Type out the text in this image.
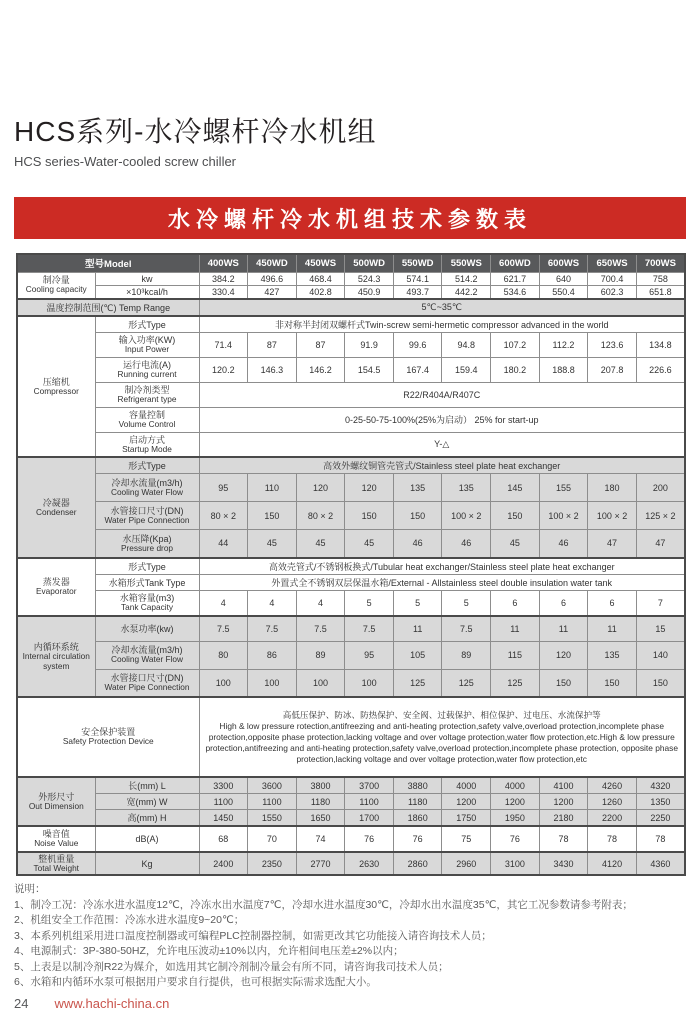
HCS系列-水冷螺杆冷水机组
HCS series-Water-cooled screw chiller
水冷螺杆冷水机组技术参数表
型号Model		400WS	450WD	450WS	500WD	550WD	550WS	600WD	600WS	650WS	700WS

制冷量
Cooling capacity	kw	384.2	496.6	468.4	524.3	574.1	514.2	621.7	640	700.4	758
	×10³kcal/h	330.4	427	402.8	450.9	493.7	442.2	534.6	550.4	602.3	651.8
温度控制范围(℃) Temp Range		5℃~35℃									

压缩机
Compressor	形式Type	非对称半封闭双螺杆式Twin-screw semi-hermetic compressor advanced in the world									

	输入功率(KW)
Input Power	71.4	87	87	91.9	99.6	94.8	107.2	112.2	123.6	134.8

	运行电流(A)
Running current	120.2	146.3	146.2	154.5	167.4	159.4	180.2	188.8	207.8	226.6

	制冷剂类型
Refrigerant type	R22/R404A/R407C									

	容量控制
Volume Control	0-25-50-75-100%(25%为启动） 25% for start-up									

	启动方式
Startup Mode	Y-△									

冷凝器
Condenser	形式Type	高效外螺纹铜管壳管式/Stainless steel plate heat exchanger									

	冷却水流量(m3/h)
Cooling Water Flow	95	110	120	120	135	135	145	155	180	200

	水管接口尺寸(DN)
Water Pipe Connection	80 × 2	150	80 × 2	150	150	100 × 2	150	100 × 2	100 × 2	125 × 2

	水压降(Kpa)
Pressure drop	44	45	45	45	46	46	45	46	47	47

蒸发器
Evaporator	形式Type	高效壳管式/不锈钢板换式/Tubular heat exchanger/Stainless steel plate heat exchanger									
	水箱形式Tank Type	外置式全不锈钢双层保温水箱/External - Allstainless steel double insulation water tank									

	水箱容量(m3)
Tank Capacity	4	4	4	5	5	5	6	6	6	7

内循环系统
Internal circulation system	水泵功率(kw)	7.5	7.5	7.5	7.5	11	7.5	11	11	11	15

	冷却水流量(m3/h)
Cooling Water Flow	80	86	89	95	105	89	115	120	135	140

	水管接口尺寸(DN)
Water Pipe Connection	100	100	100	100	125	125	125	150	150	150

安全保护装置
Safety Protection Device

高低压保护、防冰、防热保护、安全阀、过载保护、相位保护、过电压、水流保护等
High & low pressure rotection,antifreezing and anti-heating protection,safety valve,overload protection,incomplete phase protection,opposite phase protection,lacking voltage and over voltage protection,water flow protection,etc.High & low pressure protection,antifreezing and anti-heating protection,safety valve,overload protection,incomplete phase protection, opposite phase protection,lacking voltage and over voltage protection,water flow protection,etc

外形尺寸
Out Dimension	长(mm) L	3300	3600	3800	3700	3880	4000	4000	4100	4260	4320
	宽(mm) W	1100	1100	1180	1100	1180	1200	1200	1200	1260	1350
	高(mm) H	1450	1550	1650	1700	1860	1750	1950	2180	2200	2250

噪音值
Noise Value	dB(A)	68	70	74	76	76	75	76	78	78	78

整机重量
Total Weight	Kg	2400	2350	2770	2630	2860	2960	3100	3430	4120	4360
说明：
1、制冷工况：冷冻水进水温度12℃，冷冻水出水温度7℃，冷却水进水温度30℃，冷却水出水温度35℃，其它工况参数请参考附表；
2、机组安全工作范围：冷冻水进水温度9~20℃；
3、本系列机组采用进口温度控制器或可编程PLC控制器控制，如需更改其它功能接入请咨询技术人员；
4、电源制式：3P-380-50HZ，允许电压波动±10%以内，允许相间电压差±2%以内；
5、上表是以制冷剂R22为媒介，如选用其它制冷剂制冷量会有所不同，请咨询我司技术人员；
6、水箱和内循环水泵可根据用户要求自行提供，也可根据实际需求选配大小。
24 www.hachi-china.cn
